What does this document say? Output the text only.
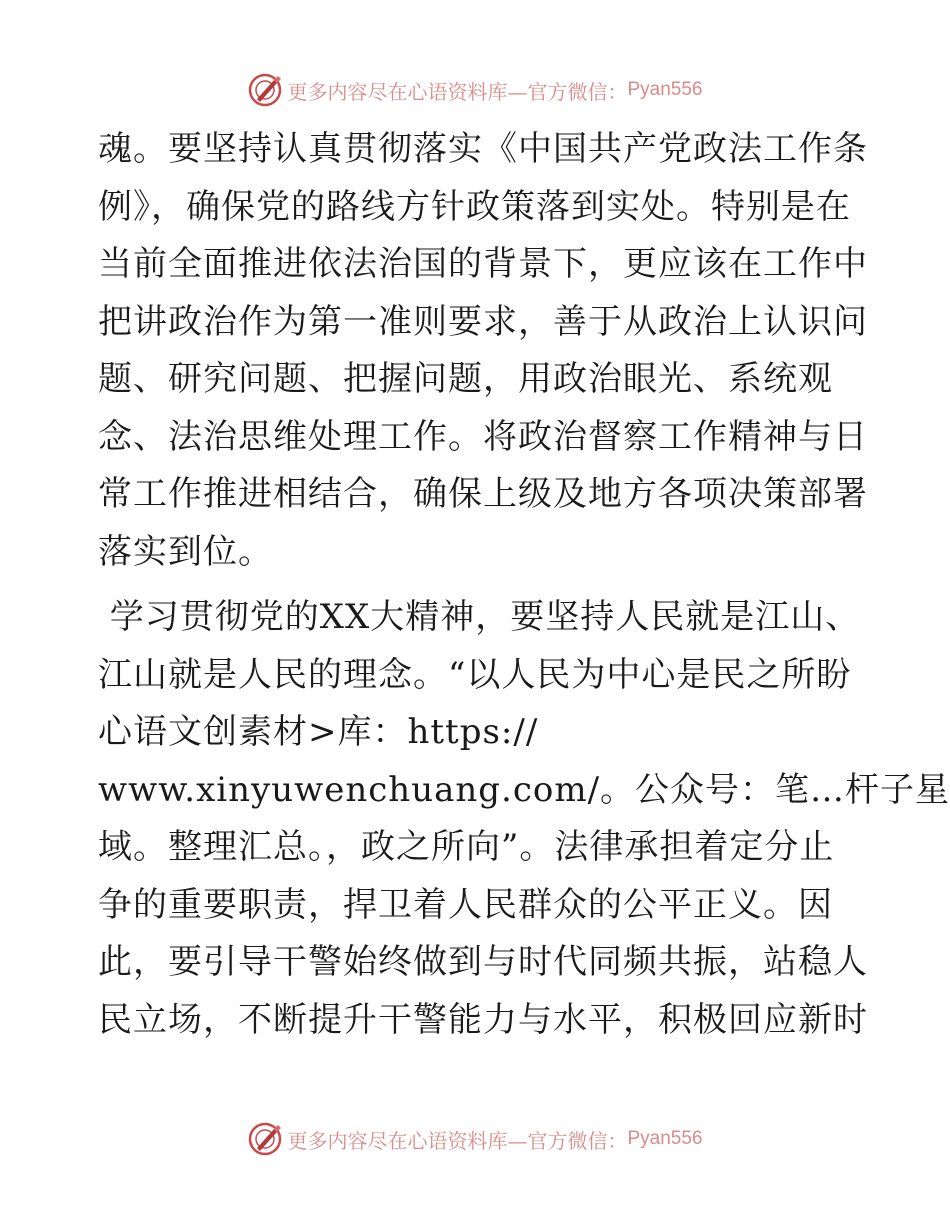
更多内容尽在心语资料库—官方微信： Pyan556
魂。要坚持认真贯彻落实《中国共产党政法工作条
例》，确保党的路线方针政策落到实处。特别是在
当前全面推进依法治国的背景下，更应该在工作中
把讲政治作为第一准则要求，善于从政治上认识问
题、研究问题、把握问题，用政治眼光、系统观
念、法治思维处理工作。将政治督察工作精神与日
常工作推进相结合，确保上级及地方各项决策部署
落实到位。
学习贯彻党的XX大精神，要坚持人民就是江山、
江山就是人民的理念。“以人民为中心是民之所盼
心语文创素材>库：https://
www.xinyuwenchuang.com/。公众号：笔…杆子星
域。整理汇总。，政之所向”。法律承担着定分止
争的重要职责，捍卫着人民群众的公平正义。因
此，要引导干警始终做到与时代同频共振，站稳人
民立场，不断提升干警能力与水平，积极回应新时
更多内容尽在心语资料库—官方微信： Pyan556
